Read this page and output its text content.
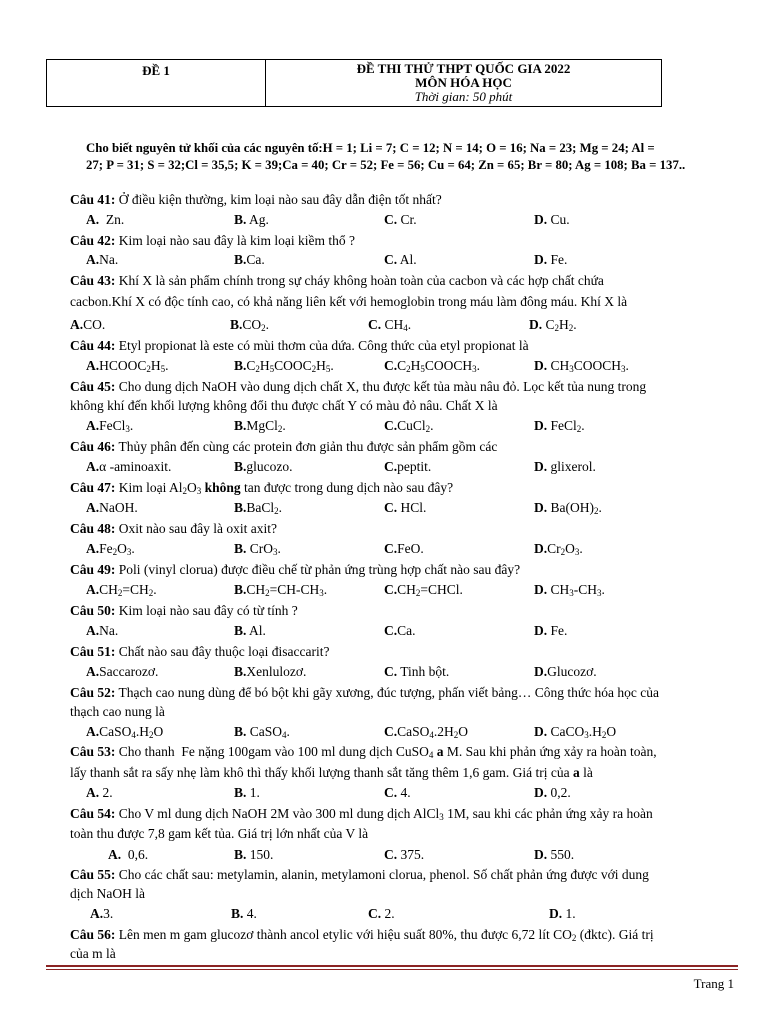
ĐỀ 1	ĐỀ THI THỬ THPT QUỐC GIA 2022
MÔN HÓA HỌC
Thời gian: 50 phút
Cho biết nguyên tử khối của các nguyên tố:H = 1; Li = 7; C = 12; N = 14; O = 16; Na = 23; Mg = 24; Al =
27; P = 31; S = 32;Cl = 35,5; K = 39;Ca = 40; Cr = 52; Fe = 56; Cu = 64; Zn = 65; Br = 80; Ag = 108; Ba = 137..
Câu 41: Ở điều kiện thường, kim loại nào sau đây dẫn điện tốt nhất?
A. Zn.	B. Ag.	C. Cr.	D. Cu.
Câu 42: Kim loại nào sau đây là kim loại kiềm thổ ?
A.Na.	B.Ca.	C. Al.	D. Fe.
Câu 43: Khí X là sản phẩm chính trong sự cháy không hoàn toàn của cacbon và các hợp chất chứa
cacbon.Khí X có độc tính cao, có khả năng liên kết với hemoglobin trong máu làm đông máu. Khí X là
A.CO.	$B.CO_2$.	C. $CH_4$.	D. $C_2H_2$.
Câu 44: Etyl propionat là este có mùi thơm của dứa. Công thức của etyl propionat là
$A.HCOOC_2H_5$.	$B.C_2H_5COOC_2H_5$.	$C.C_2H_5COOCH_3$.	D. $CH_3COOCH_3$.
Câu 45: Cho dung dịch NaOH vào dung dịch chất X, thu được kết tủa màu nâu đỏ. Lọc kết tủa nung trong
không khí đến khối lượng không đổi thu được chất Y có màu đỏ nâu. Chất X là
A.FeCl$_3$.	B.MgCl$_2$.	C.CuCl$_2$.	D. FeCl$_2$.
Câu 46: Thủy phân đến cùng các protein đơn giản thu được sản phẩm gồm các
A.α -aminoaxit.	B.glucozo.	C.peptit.	D. glixerol.
Câu 47: Kim loại $Al_2O_3$ không tan được trong dung dịch nào sau đây?
A.NaOH.	B.BaCl$_2$.	C. HCl.	D. $Ba(OH)_2$.
Câu 48: Oxit nào sau đây là oxit axit?
$A.Fe_2O_3$.	B. CrO$_3$.	C.FeO.	$D.Cr_2O_3$.
Câu 49: Poli (vinyl clorua) được điều chế từ phản ứng trùng hợp chất nào sau đây?
$A.CH_2=CH_2$.	$B.CH_2=CH-CH_3$.	$C.CH_2=CHCl$.	D. $CH_3-CH_3$.
Câu 50: Kim loại nào sau đây có từ tính ?
A.Na.	B. Al.	C.Ca.	D. Fe.
Câu 51: Chất nào sau đây thuộc loại đisaccarit?
A.Saccarozơ.	B.Xenlulozơ.	C. Tinh bột.	D.Glucozơ.
Câu 52: Thạch cao nung dùng để bó bột khi gãy xương, đúc tượng, phấn viết bảng… Công thức hóa học của
thạch cao nung là
$A.CaSO_4.H_2O$	B. CaSO$_4$.	$C.CaSO_4.2H_2O$	D. $CaCO_3.H_2O$
Câu 53: Cho thanh  Fe nặng 100gam vào 100 ml dung dịch CuSO$_4$ a M. Sau khi phản ứng xảy ra hoàn toàn,
lấy thanh sắt ra sấy nhẹ làm khô thì thấy khối lượng thanh sắt tăng thêm 1,6 gam. Giá trị của a là
A. 2.	B. 1.	C. 4.	D. 0,2.
Câu 54: Cho V ml dung dịch NaOH 2M vào 300 ml dung dịch AlCl$_3$ 1M, sau khi các phản ứng xảy ra hoàn
toàn thu được 7,8 gam kết tủa. Giá trị lớn nhất của V là
A. 0,6.	B. 150.	C. 375.	D. 550.
Câu 55: Cho các chất sau: metylamin, alanin, metylamoni clorua, phenol. Số chất phản ứng được với dung
dịch NaOH là
A.3.	B. 4.	C. 2.	D. 1.
Câu 56: Lên men m gam glucozơ thành ancol etylic với hiệu suất 80%, thu được 6,72 lít $CO_2$ (đktc). Giá trị
của m là
Trang 1
